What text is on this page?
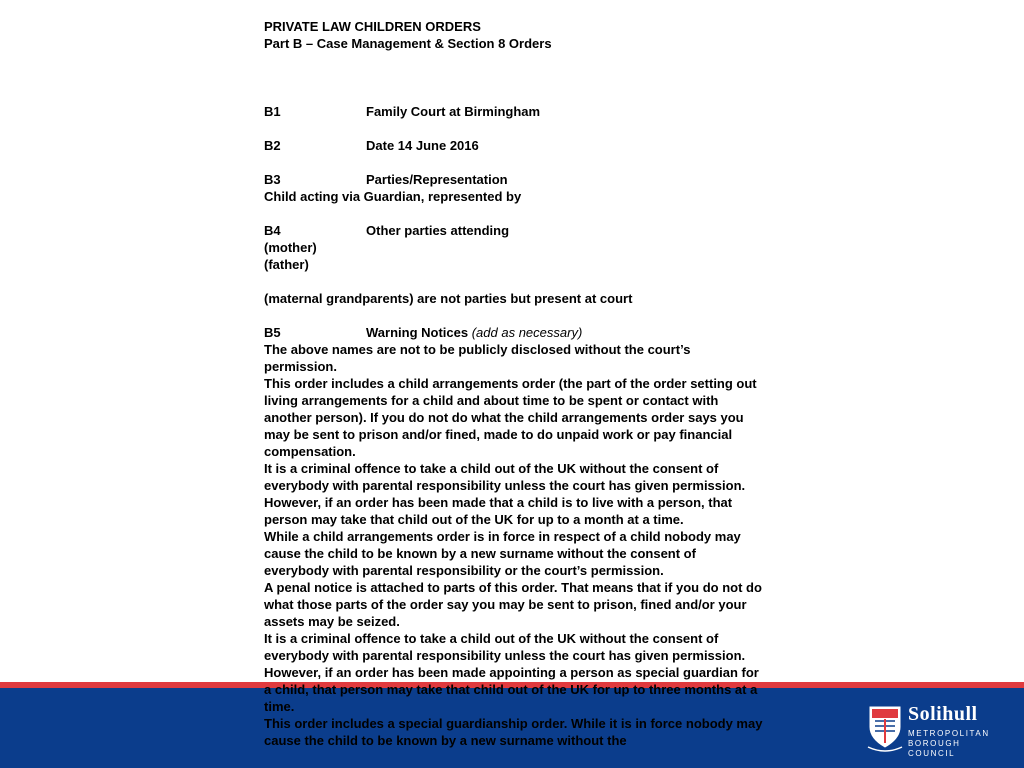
PRIVATE LAW CHILDREN ORDERS

Part B – Case Management & Section 8 Orders

B1	Family Court at Birmingham
B2	Date 14 June 2016
B3	Parties/Representation

Child acting via Guardian, represented by

B4	Other parties attending

(mother)

(father)

(maternal grandparents) are not parties but present at court

B5	Warning Notices (add as necessary)

The above names are not to be publicly disclosed without the court’s permission.

This order includes a child arrangements order (the part of the order setting out living arrangements for a child and about time to be spent or contact with another person). If you do not do what the child arrangements order says you may be sent to prison and/or fined, made to do unpaid work or pay financial compensation.

It is a criminal offence to take a child out of the UK without the consent of everybody with parental responsibility unless the court has given permission. However, if an order has been made that a child is to live with a person, that person may take that child out of the UK for up to a month at a time.

While a child arrangements order is in force in respect of a child nobody may cause the child to be known by a new surname without the consent of everybody with parental responsibility or the court’s permission.

A penal notice is attached to parts of this order. That means that if you do not do what those parts of the order say you may be sent to prison, fined and/or your assets may be seized.

It is a criminal offence to take a child out of the UK without the consent of everybody with parental responsibility unless the court has given permission. However, if an order has been made appointing a person as special guardian for a child, that person may take that child out of the UK for up to three months at a time.

This order includes a special guardianship order. While it is in force nobody may cause the child to be known by a new surname without the

Solihull
METROPOLITAN
BOROUGH COUNCIL
